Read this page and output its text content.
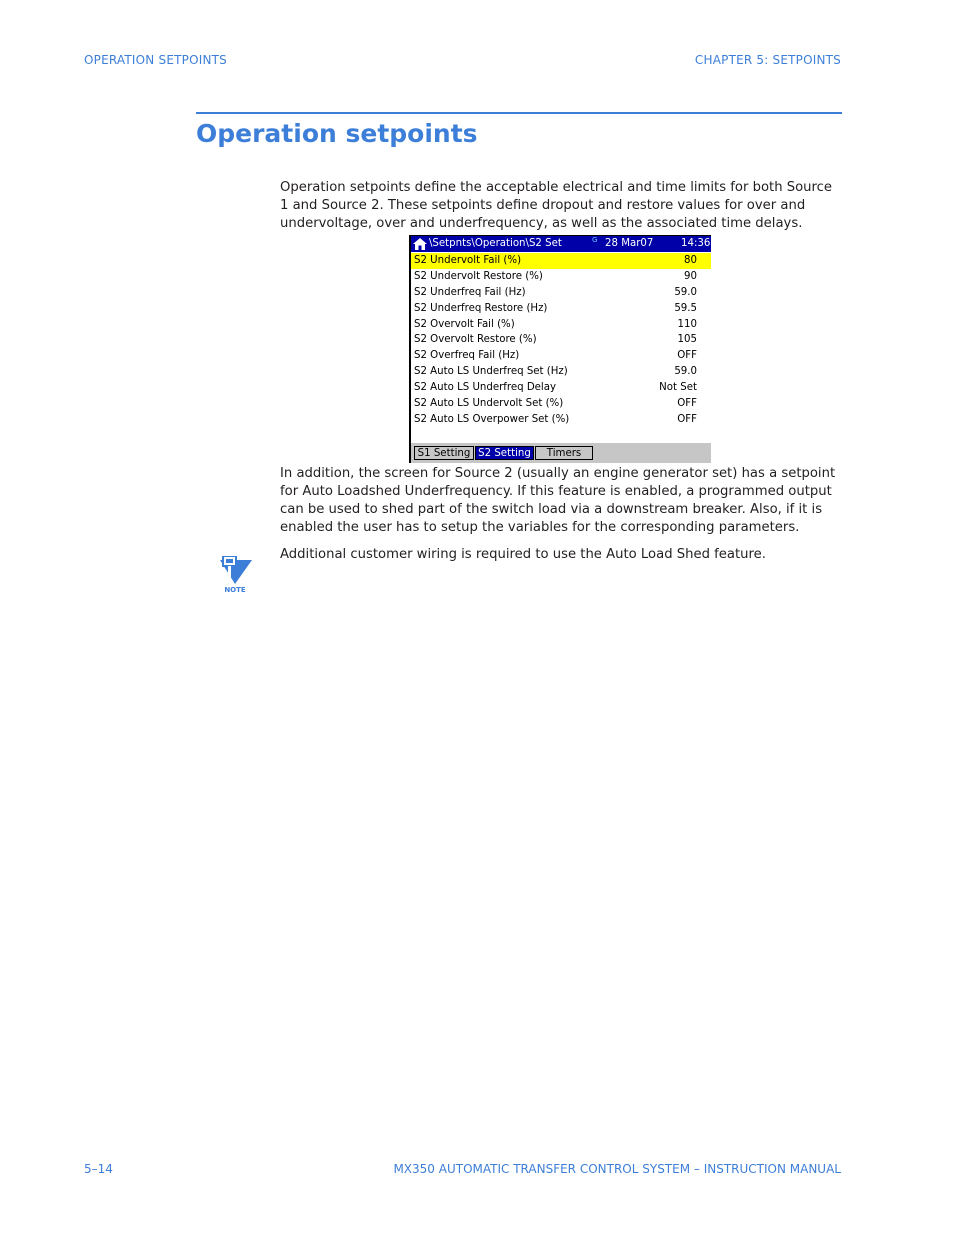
OPERATION SETPOINTS	CHAPTER 5: SETPOINTS
Operation setpoints

Operation setpoints define the acceptable electrical and time limits for both Source 1 and Source 2. These setpoints define dropout and restore values for over and undervoltage, over and underfrequency, as well as the associated time delays.

\Setpnts\Operation\S2 Set	G 28 Mar07	14:36
S2 Undervolt Fail (%)	80
S2 Undervolt Restore (%)	90
S2 Underfreq Fail (Hz)	59.0
S2 Underfreq Restore (Hz)	59.5
S2 Overvolt Fail (%)	110
S2 Overvolt Restore (%)	105
S2 Overfreq Fail (Hz)	OFF
S2 Auto LS Underfreq Set (Hz)	59.0
S2 Auto LS Underfreq Delay	Not Set
S2 Auto LS Undervolt Set (%)	OFF
S2 Auto LS Overpower Set (%)	OFF
S1 Setting S2 Setting	Timers

In addition, the screen for Source 2 (usually an engine generator set) has a setpoint for Auto Loadshed Underfrequency. If this feature is enabled, a programmed output can be used to shed part of the switch load via a downstream breaker. Also, if it is enabled the user has to setup the variables for the corresponding parameters.

NOTE

Additional customer wiring is required to use the Auto Load Shed feature.

5–14	MX350 AUTOMATIC TRANSFER CONTROL SYSTEM – INSTRUCTION MANUAL
